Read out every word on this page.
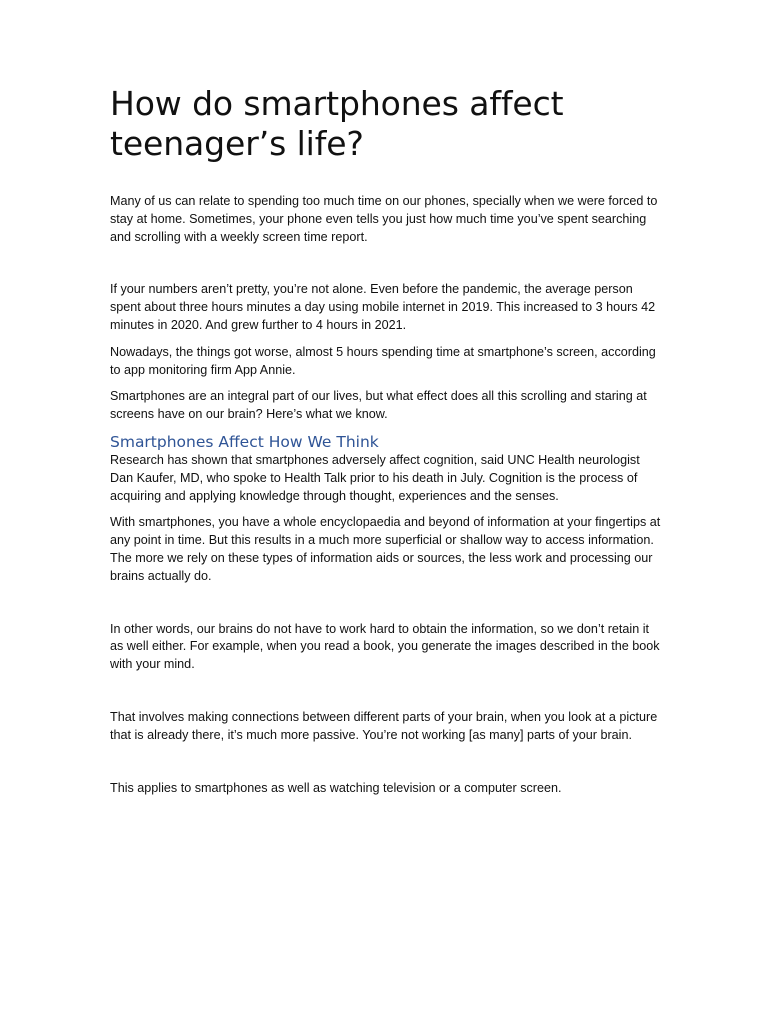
How do smartphones affect teenager’s life?

Many of us can relate to spending too much time on our phones, specially when we were forced to stay at home. Sometimes, your phone even tells you just how much time you’ve spent searching and scrolling with a weekly screen time report.

If your numbers aren’t pretty, you’re not alone. Even before the pandemic, the average person spent about three hours minutes a day using mobile internet in 2019. This increased to 3 hours 42 minutes in 2020. And grew further to 4 hours in 2021.

Nowadays, the things got worse, almost 5 hours spending time at smartphone’s screen, according to app monitoring firm App Annie.

Smartphones are an integral part of our lives, but what effect does all this scrolling and staring at screens have on our brain? Here’s what we know.

Smartphones Affect How We Think

Research has shown that smartphones adversely affect cognition, said UNC Health neurologist Dan Kaufer, MD, who spoke to Health Talk prior to his death in July. Cognition is the process of acquiring and applying knowledge through thought, experiences and the senses.

With smartphones, you have a whole encyclopaedia and beyond of information at your fingertips at any point in time. But this results in a much more superficial or shallow way to access information. The more we rely on these types of information aids or sources, the less work and processing our brains actually do.

In other words, our brains do not have to work hard to obtain the information, so we don’t retain it as well either. For example, when you read a book, you generate the images described in the book with your mind.

That involves making connections between different parts of your brain, when you look at a picture that is already there, it’s much more passive. You’re not working [as many] parts of your brain.

This applies to smartphones as well as watching television or a computer screen.
